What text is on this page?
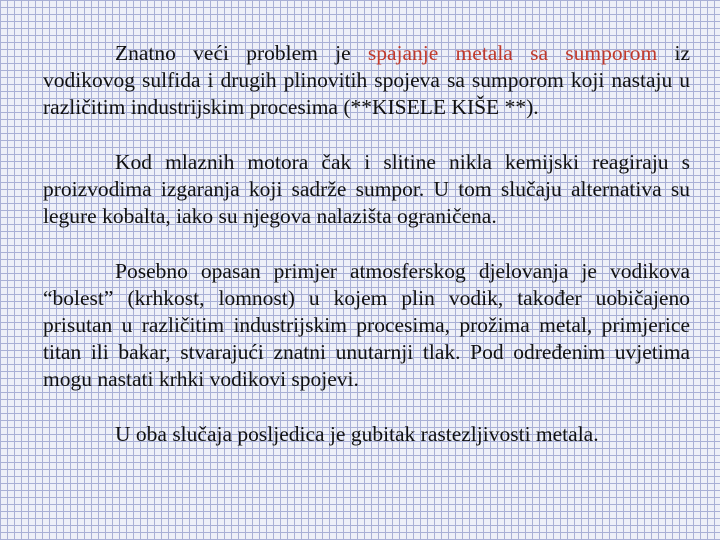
Znatno veći problem je spajanje metala sa sumporom iz vodikovog sulfida i drugih plinovitih spojeva sa sumporom koji nastaju u različitim industrijskim procesima (**KISELE KIŠE **).

Kod mlaznih motora čak i slitine nikla kemijski reagiraju s proizvodima izgaranja koji sadrže sumpor. U tom slučaju alternativa su legure kobalta, iako su njegova nalazišta ograničena.

Posebno opasan primjer atmosferskog djelovanja je vodikova “bolest” (krhkost, lomnost) u kojem plin vodik, također uobičajeno prisutan u različitim industrijskim procesima, prožima metal, primjerice titan ili bakar, stvarajući znatni unutarnji tlak. Pod određenim uvjetima mogu nastati krhki vodikovi spojevi.

U oba slučaja posljedica je gubitak rastezljivosti metala.
